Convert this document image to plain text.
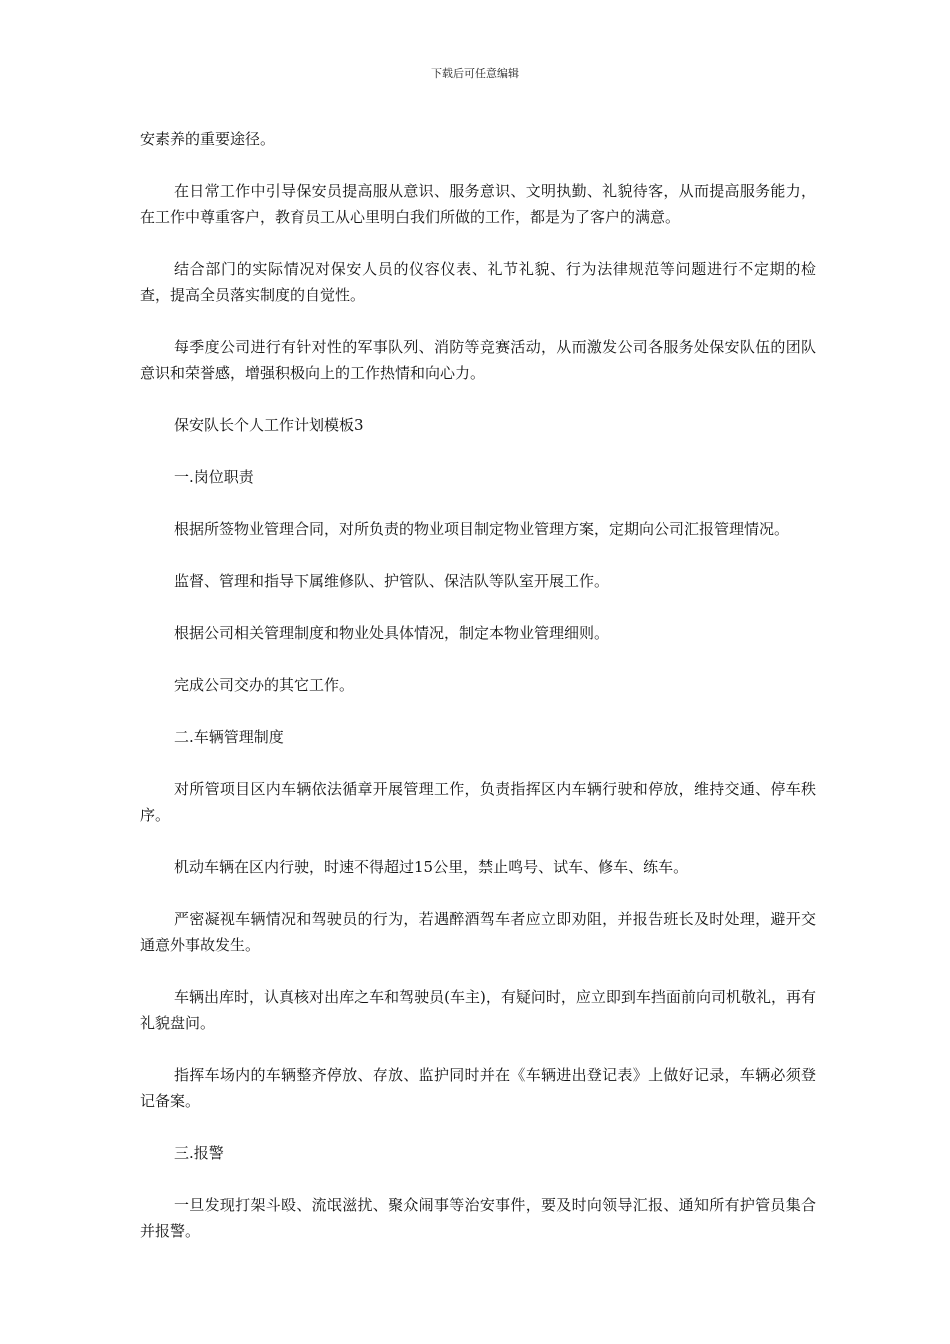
下载后可任意编辑

安素养的重要途径。

在日常工作中引导保安员提高服从意识、服务意识、文明执勤、礼貌待客，从而提高服务能力，在工作中尊重客户，教育员工从心里明白我们所做的工作，都是为了客户的满意。

结合部门的实际情况对保安人员的仪容仪表、礼节礼貌、行为法律规范等问题进行不定期的检查，提高全员落实制度的自觉性。

每季度公司进行有针对性的军事队列、消防等竞赛活动，从而激发公司各服务处保安队伍的团队意识和荣誉感，增强积极向上的工作热情和向心力。

保安队长个人工作计划模板3

一.岗位职责

根据所签物业管理合同，对所负责的物业项目制定物业管理方案，定期向公司汇报管理情况。

监督、管理和指导下属维修队、护管队、保洁队等队室开展工作。

根据公司相关管理制度和物业处具体情况，制定本物业管理细则。

完成公司交办的其它工作。

二.车辆管理制度

对所管项目区内车辆依法循章开展管理工作，负责指挥区内车辆行驶和停放，维持交通、停车秩序。

机动车辆在区内行驶，时速不得超过15公里，禁止鸣号、试车、修车、练车。

严密凝视车辆情况和驾驶员的行为，若遇醉酒驾车者应立即劝阻，并报告班长及时处理，避开交通意外事故发生。

车辆出库时，认真核对出库之车和驾驶员(车主)，有疑问时，应立即到车挡面前向司机敬礼，再有礼貌盘问。

指挥车场内的车辆整齐停放、存放、监护同时并在《车辆进出登记表》上做好记录，车辆必须登记备案。

三.报警

一旦发现打架斗殴、流氓滋扰、聚众闹事等治安事件，要及时向领导汇报、通知所有护管员集合并报警。
